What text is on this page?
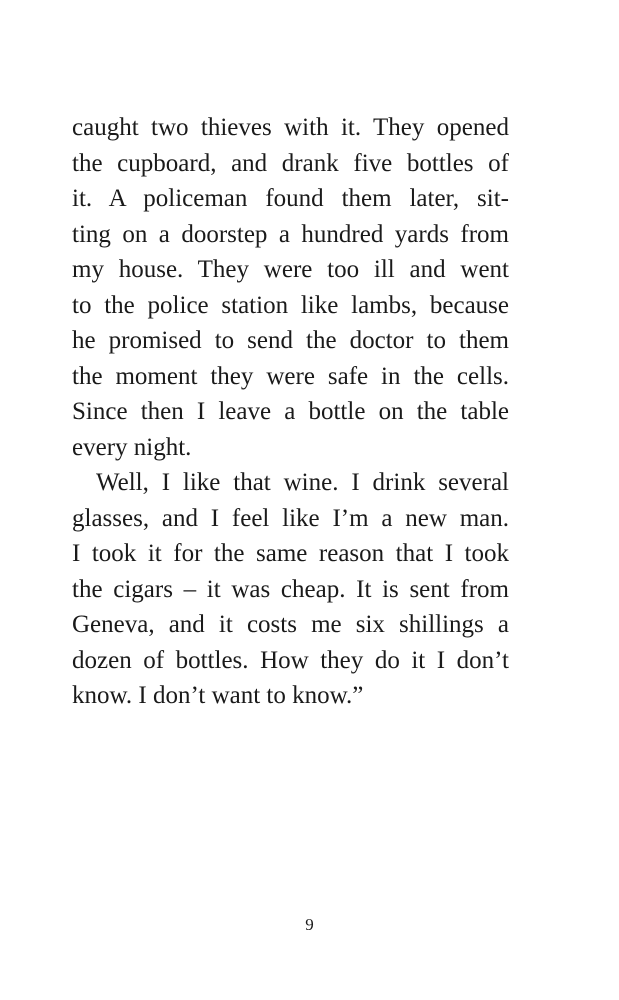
caught two thieves with it. They opened
the cupboard, and drank five bottles of
it. A policeman found them later, sit-
ting on a doorstep a hundred yards from
my house. They were too ill and went
to the police station like lambs, because
he promised to send the doctor to them
the moment they were safe in the cells.
Since then I leave a bottle on the table
every night.
Well, I like that wine. I drink several
glasses, and I feel like I’m a new man.
I took it for the same reason that I took
the cigars – it was cheap. It is sent from
Geneva, and it costs me six shillings a
dozen of bottles. How they do it I don’t
know. I don’t want to know.”
9
